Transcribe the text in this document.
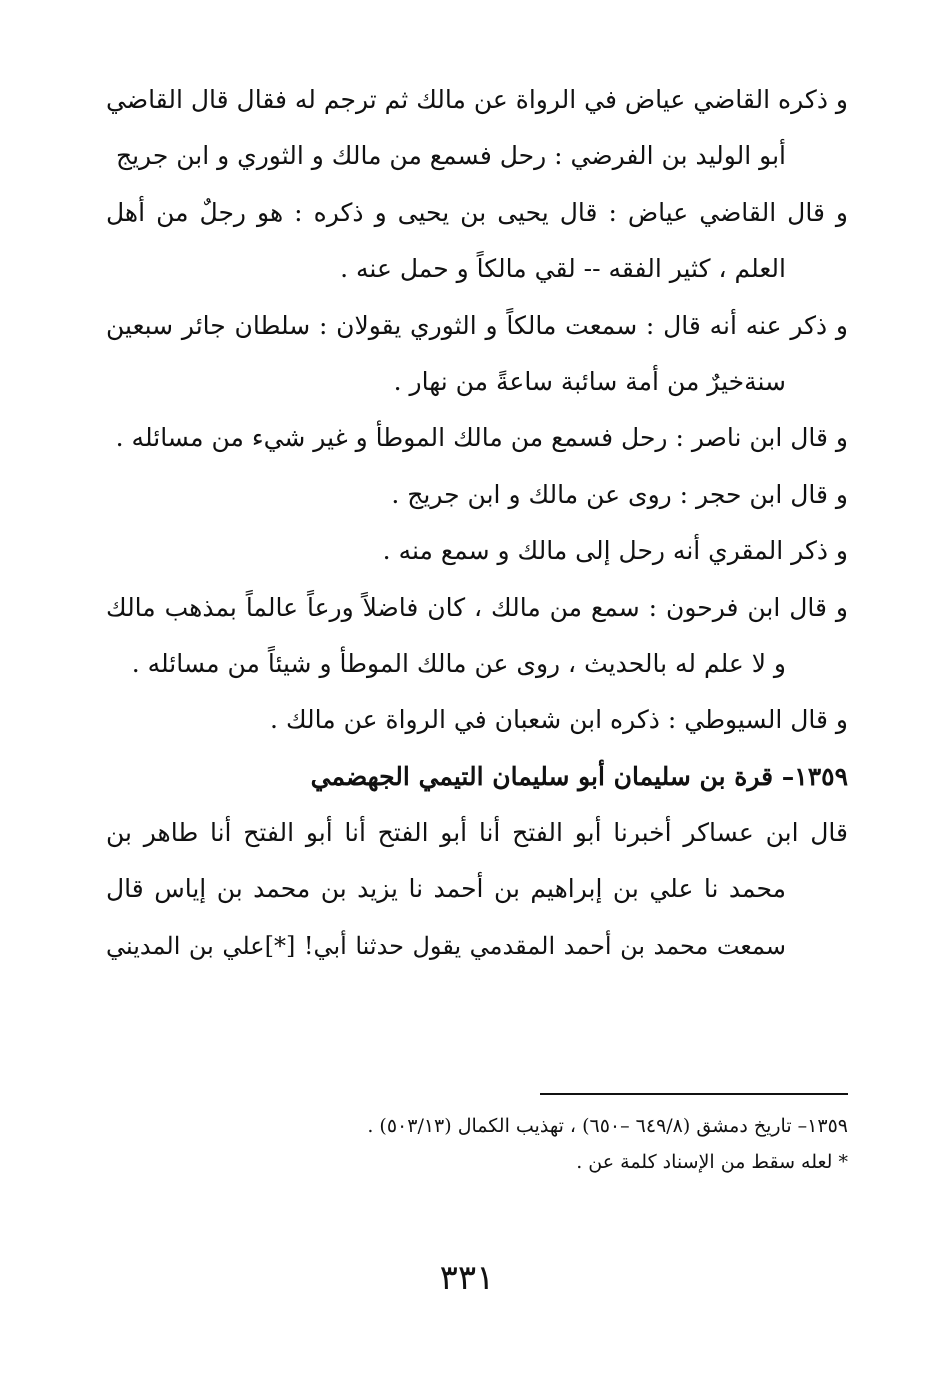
و ذكره القاضي عياض في الرواة عن مالك ثم ترجم له فقال قال القاضي
أبو الوليد بن الفرضي : رحل فسمع من مالك و الثوري و ابن جريج
و قال القاضي عياض : قال يحيى بن يحيى و ذكره : هو رجلٌ من أهل
العلم ، كثير الفقه -- لقي مالكاً و حمل عنه .
و ذكر عنه أنه قال : سمعت مالكاً و الثوري يقولان : سلطان جائر سبعين
سنةخيرٌ من أمة سائبة ساعةً من نهار .
و قال ابن ناصر : رحل فسمع من مالك الموطأ و غير شيء من مسائله .
و قال ابن حجر : روى عن مالك و ابن جريج .
و ذكر المقري أنه رحل إلى مالك و سمع منه .
و قال ابن فرحون : سمع من مالك ، كان فاضلاً ورعاً عالماً بمذهب مالك
و لا علم له بالحديث ، روى عن مالك الموطأ و شيئاً من مسائله .
و قال السيوطي : ذكره ابن شعبان في الرواة عن مالك .
١٣٥٩– قرة بن سليمان أبو سليمان التيمي الجهضمي
قال ابن عساكر أخبرنا أبو الفتح أنا أبو الفتح أنا أبو الفتح أنا طاهر بن
محمد نا علي بن إبراهيم بن أحمد نا يزيد بن محمد بن إياس قال
سمعت محمد بن أحمد المقدمي يقول حدثنا أبي! [*]علي بن المديني
١٣٥٩– تاريخ دمشق (٦٤٩/٨ –٦٥٠) ، تهذيب الكمال (٥٠٣/١٣) .
* لعله سقط من الإسناد كلمة عن .
٣٣١
